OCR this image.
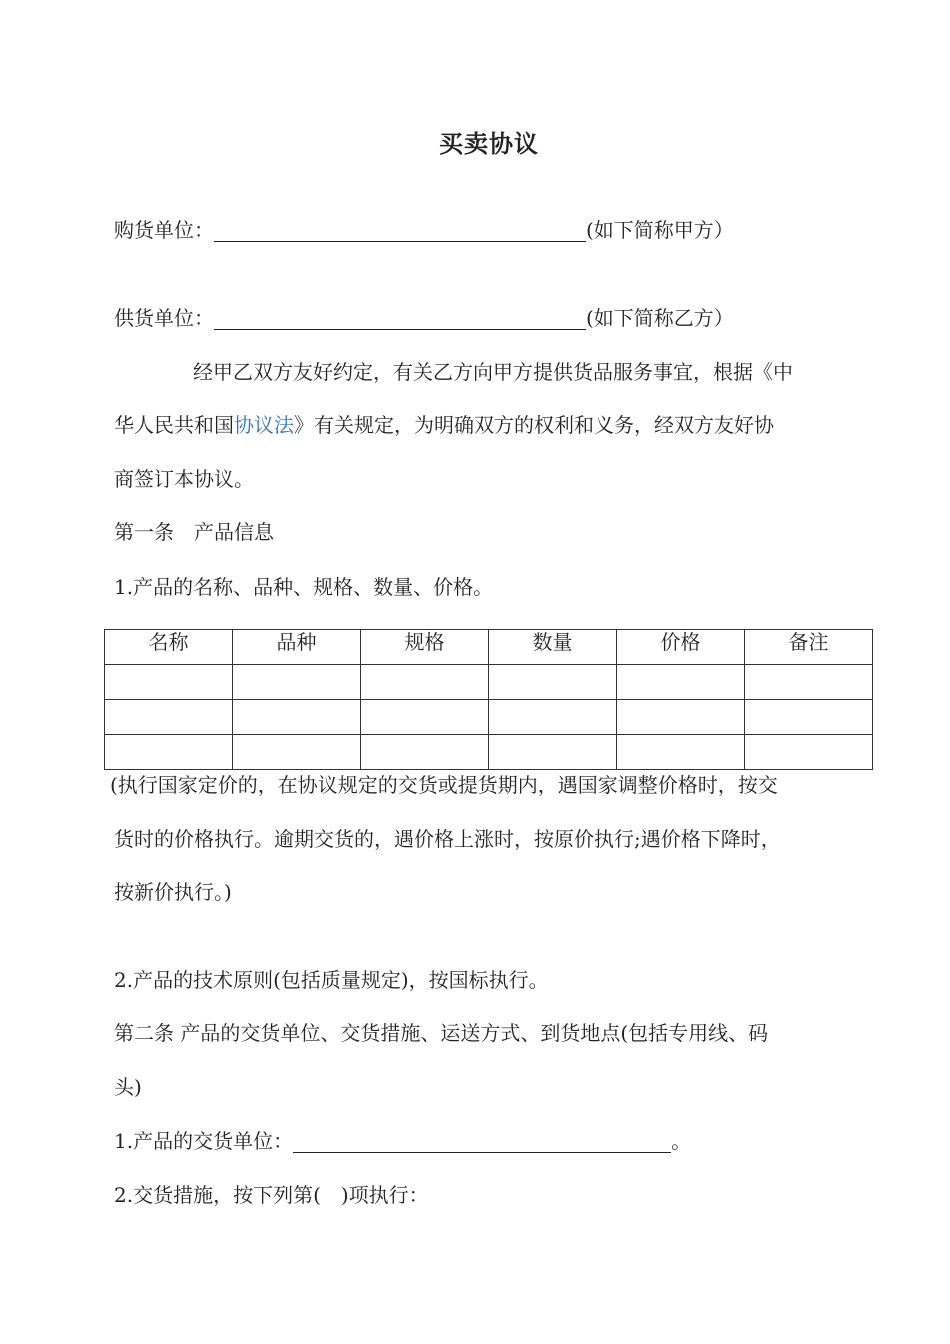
买卖协议
购货单位：	(如下简称甲方）
供货单位：	(如下简称乙方）
经甲乙双方友好约定，有关乙方向甲方提供货品服务事宜，根据《中
华人民共和国协议法》有关规定，为明确双方的权利和义务，经双方友好协
商签订本协议。
第一条　产品信息
1.产品的名称、品种、规格、数量、价格。
名称	品种	规格	数量	价格	备注

(执行国家定价的，在协议规定的交货或提货期内，遇国家调整价格时，按交
货时的价格执行。逾期交货的，遇价格上涨时，按原价执行;遇价格下降时，
按新价执行。)
2.产品的技术原则(包括质量规定)，按国标执行。
第二条 产品的交货单位、交货措施、运送方式、到货地点(包括专用线、码
头)
1.产品的交货单位：	。
2.交货措施，按下列第(　)项执行：
